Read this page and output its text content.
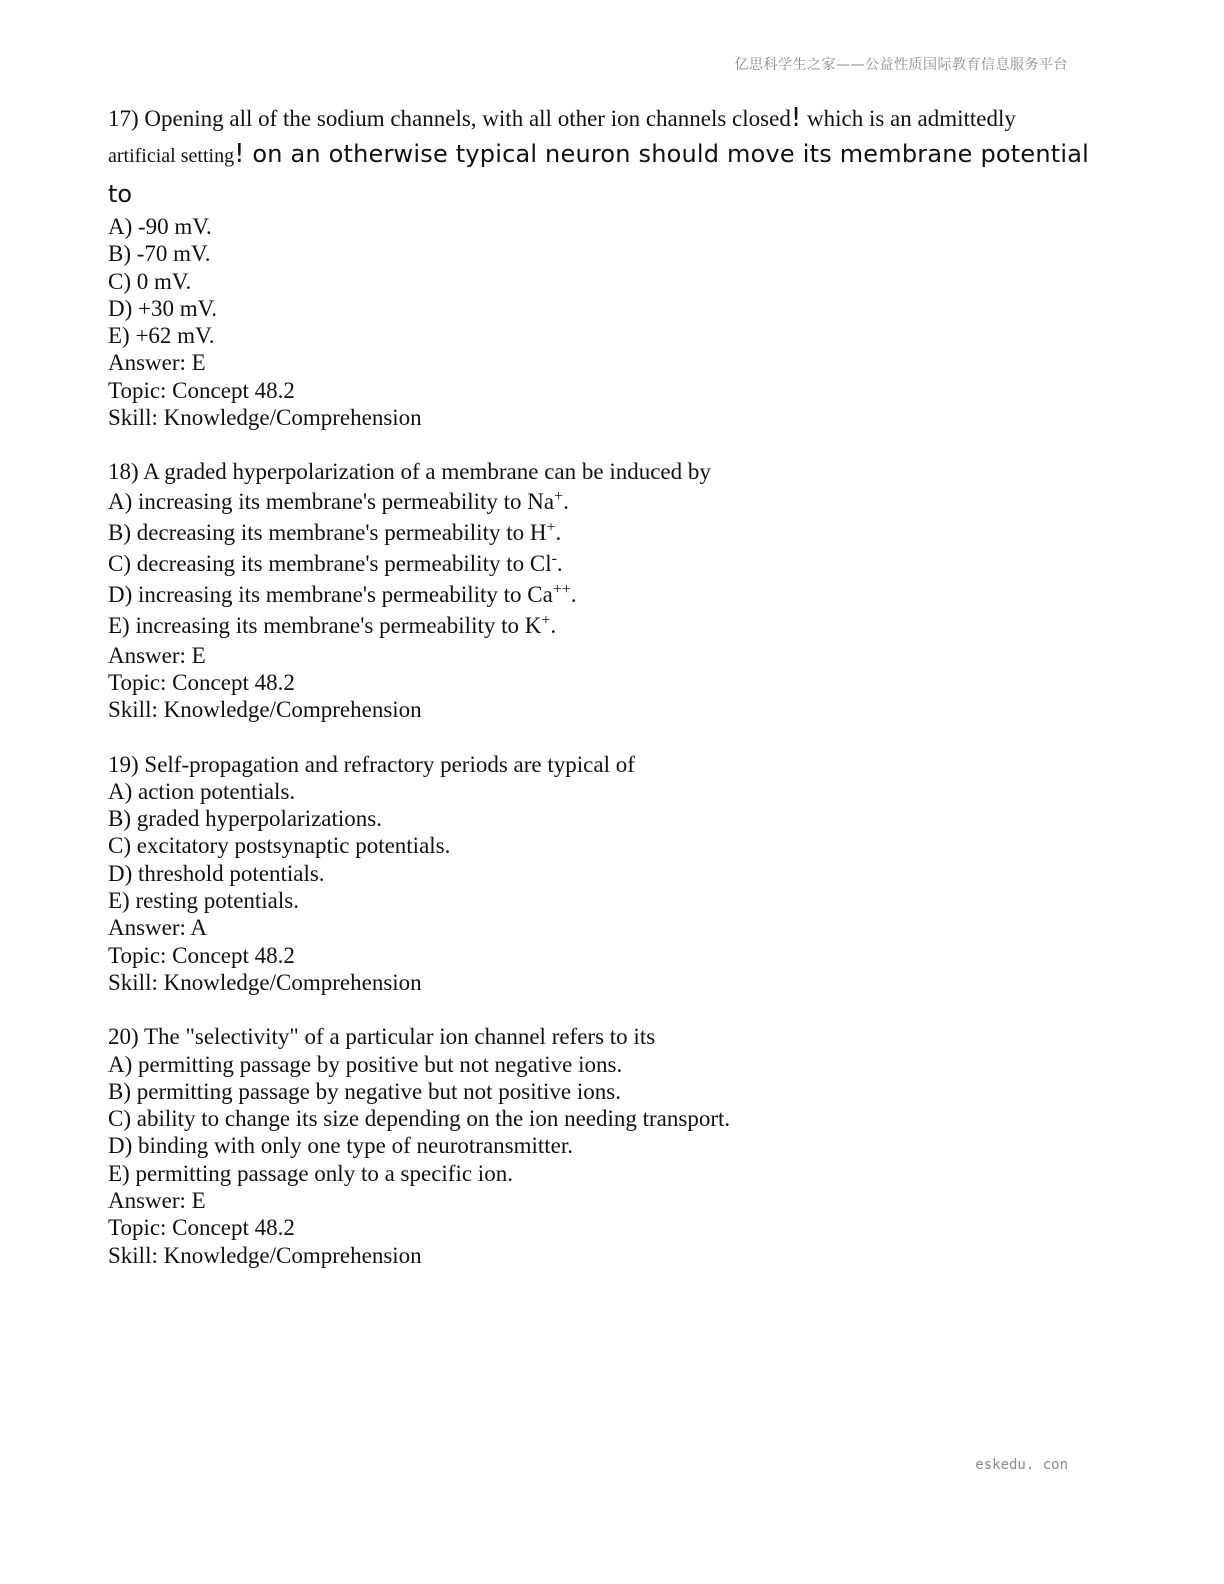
亿思科学生之家——公益性质国际教育信息服务平台
17) Opening all of the sodium channels, with all other ion channels closed! which is an admittedly
artificial setting! on an otherwise typical neuron should move its membrane potential
to
A) -90 mV.
B) -70 mV.
C) 0 mV.
D) +30 mV.
E) +62 mV.
Answer: E
Topic: Concept 48.2
Skill: Knowledge/Comprehension
18) A graded hyperpolarization of a membrane can be induced by
A) increasing its membrane's permeability to Na+.
B) decreasing its membrane's permeability to H+.
C) decreasing its membrane's permeability to Cl-.
D) increasing its membrane's permeability to Ca++.
E) increasing its membrane's permeability to K+.
Answer: E
Topic: Concept 48.2
Skill: Knowledge/Comprehension
19) Self-propagation and refractory periods are typical of
A) action potentials.
B) graded hyperpolarizations.
C) excitatory postsynaptic potentials.
D) threshold potentials.
E) resting potentials.
Answer: A
Topic: Concept 48.2
Skill: Knowledge/Comprehension
20) The "selectivity" of a particular ion channel refers to its
A) permitting passage by positive but not negative ions.
B) permitting passage by negative but not positive ions.
C) ability to change its size depending on the ion needing transport.
D) binding with only one type of neurotransmitter.
E) permitting passage only to a specific ion.
Answer: E
Topic: Concept 48.2
Skill: Knowledge/Comprehension
eskedu. con
